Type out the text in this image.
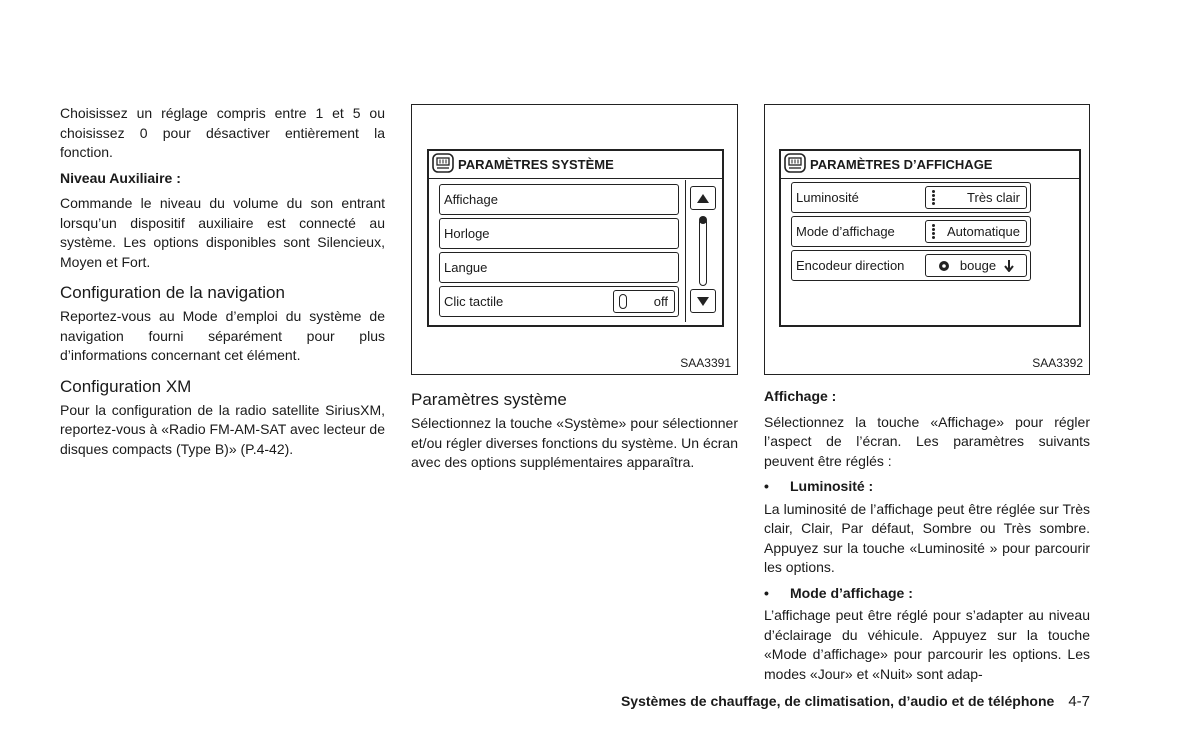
Choisissez un réglage compris entre 1 et 5 ou choisissez 0 pour désactiver entièrement la fonction.

Niveau Auxiliaire :

Commande le niveau du volume du son entrant lorsqu’un dispositif auxiliaire est connecté au système. Les options disponibles sont Silencieux, Moyen et Fort.

Configuration de la navigation

Reportez-vous au Mode d’emploi du système de navigation fourni séparément pour plus d’informations concernant cet élément.

Configuration XM

Pour la configuration de la radio satellite SiriusXM, reportez-vous à «Radio FM-AM-SAT avec lecteur de disques compacts (Type B)» (P.4-42).

PARAMÈTRES SYSTÈME
Affichage
Horloge
Langue
Clic tactile	off
SAA3391
Paramètres système

Sélectionnez la touche «Système» pour sélectionner et/ou régler diverses fonctions du système. Un écran avec des options supplémentaires apparaîtra.

PARAMÈTRES D’AFFICHAGE
Luminosité	Très clair
Mode d’affichage	Automatique
Encodeur direction	bouge
SAA3392

Affichage :

Sélectionnez la touche «Affichage» pour régler l’aspect de l’écran. Les paramètres suivants peuvent être réglés :

• Luminosité :

La luminosité de l’affichage peut être réglée sur Très clair, Clair, Par défaut, Sombre ou Très sombre. Appuyez sur la touche «Luminosité » pour parcourir les options.

• Mode d’affichage :

L’affichage peut être réglé pour s’adapter au niveau d’éclairage du véhicule. Appuyez sur la touche «Mode d’affichage» pour parcourir les options. Les modes «Jour» et «Nuit» sont adap-

Systèmes de chauffage, de climatisation, d’audio et de téléphone 4-7
